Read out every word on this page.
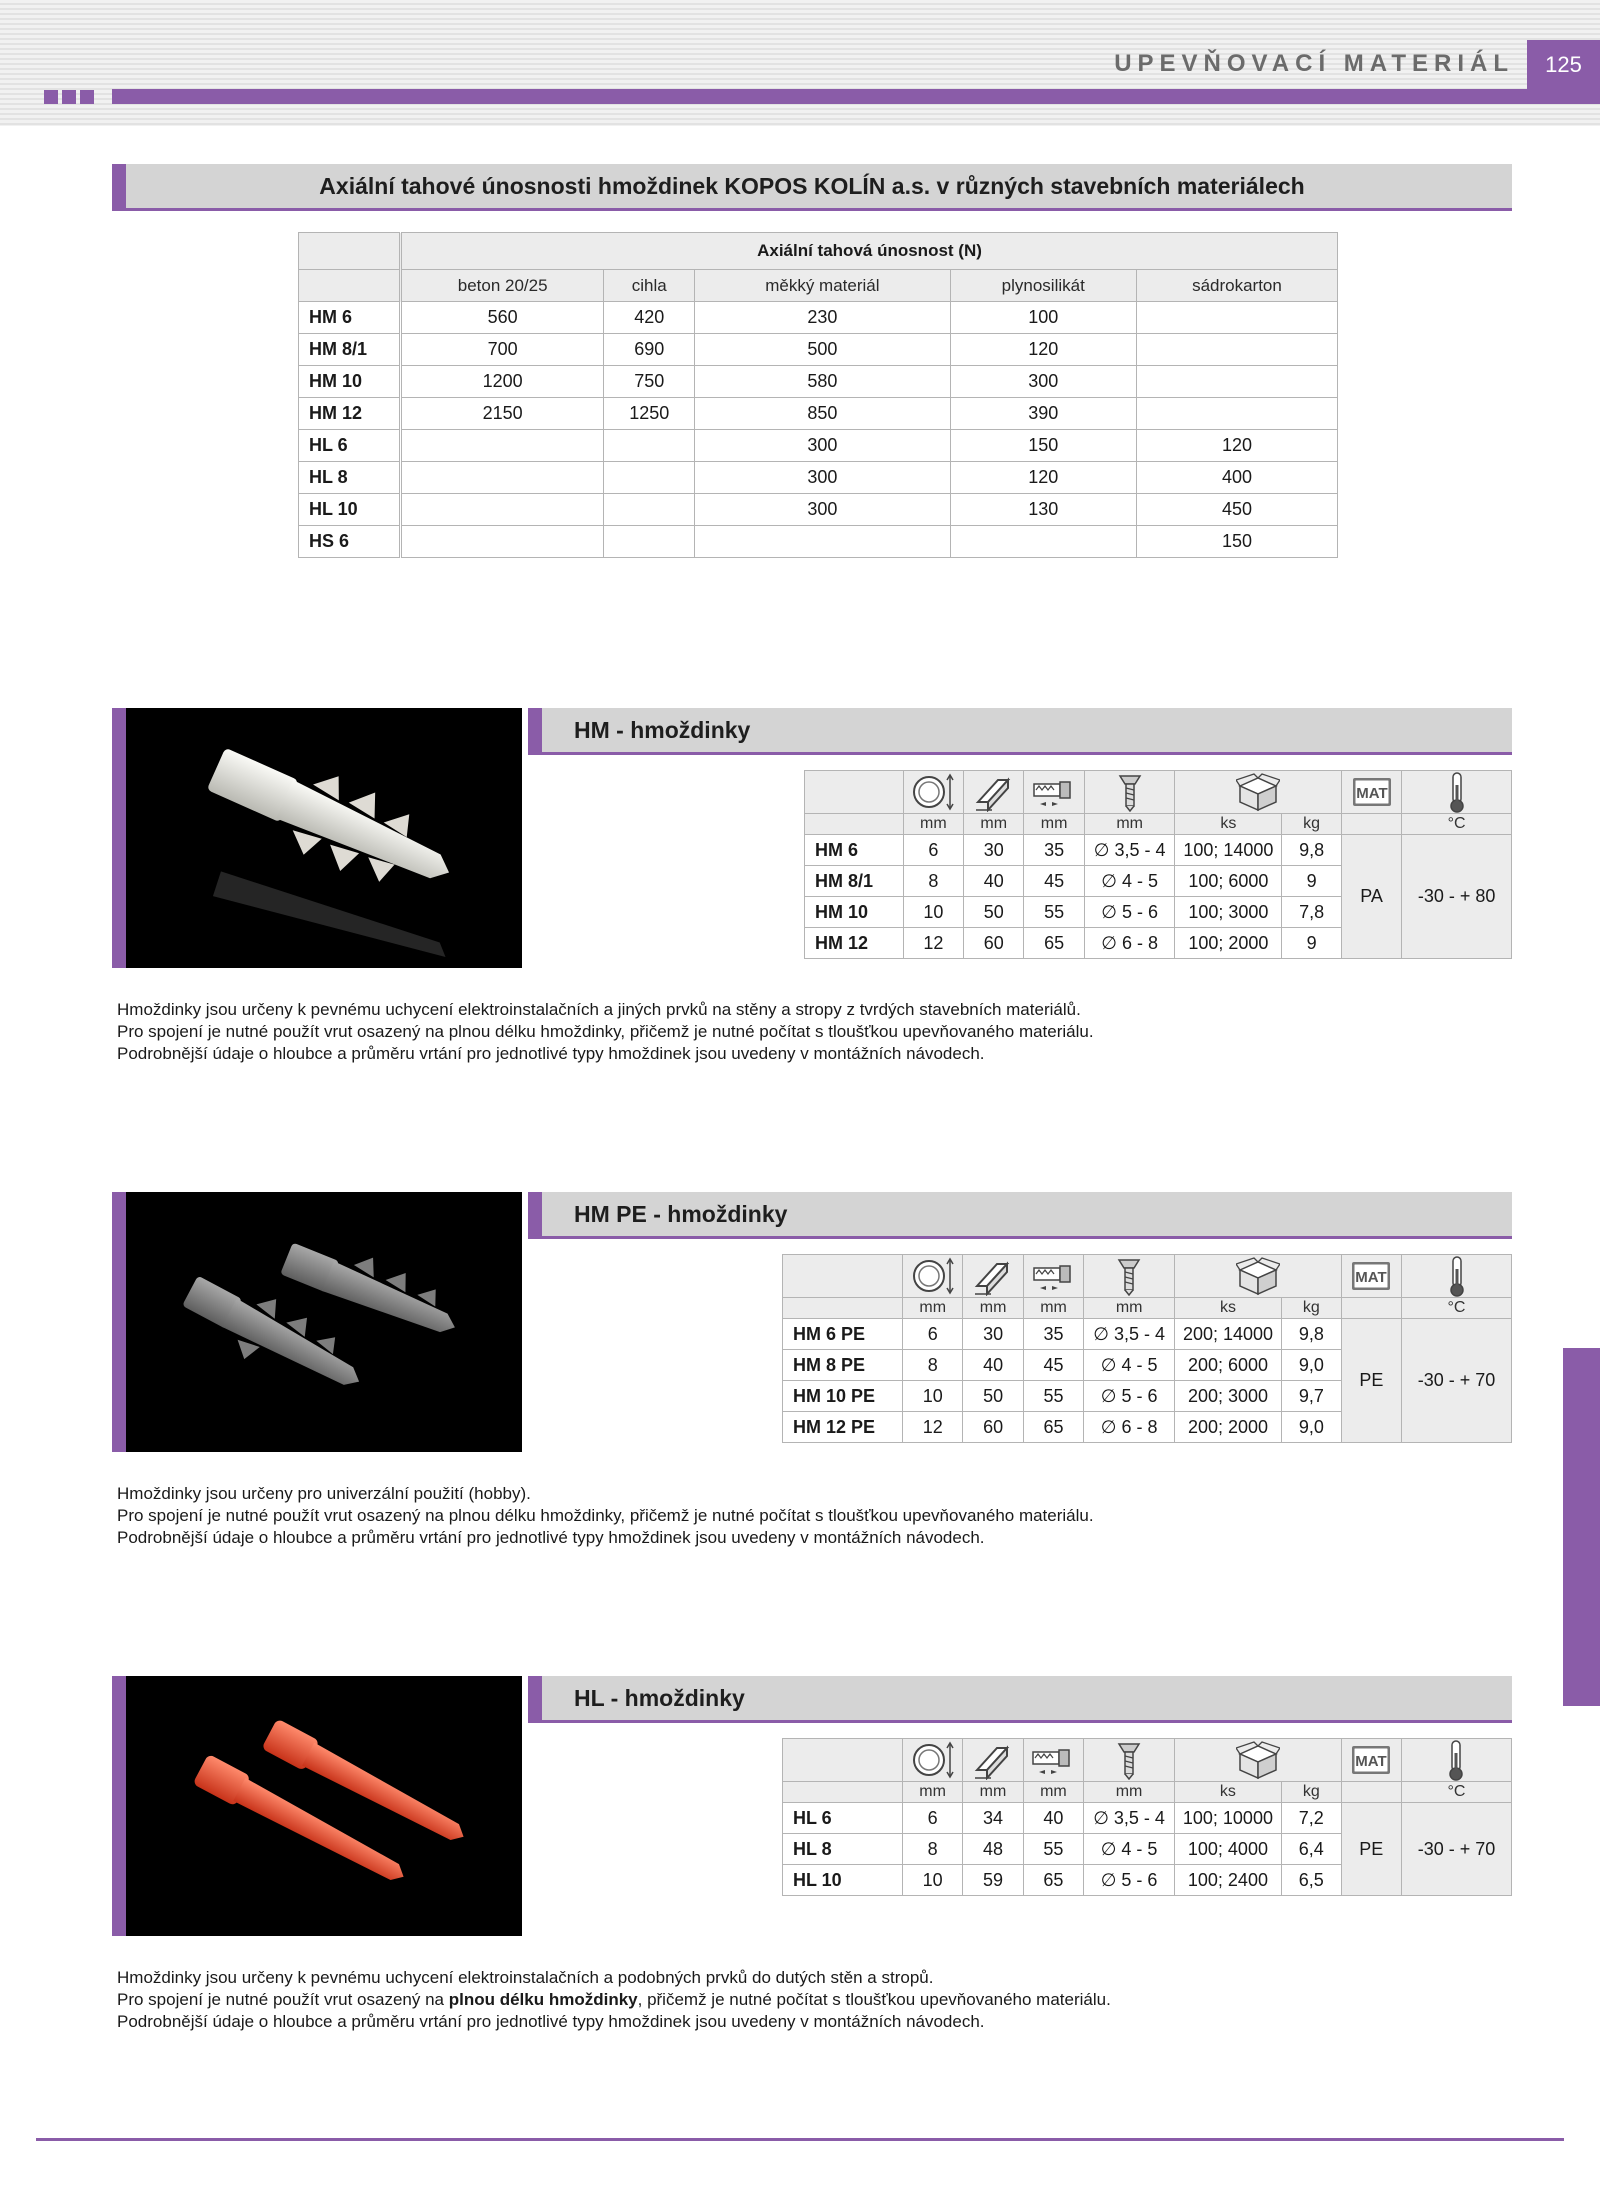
UPEVŇOVACÍ MATERIÁL	125
Axiální tahové únosnosti hmoždinek KOPOS KOLÍN a.s. v různých stavebních materiálech
	Axiální tahová únosnost (N)				
	beton 20/25	cihla	měkký materiál	plynosilikát	sádrokarton
HM 6	560	420	230	100	
HM 8/1	700	690	500	120	
HM 10	1200	750	580	300	
HM 12	2150	1250	850	390	
HL 6			300	150	120
HL 8			300	120	400
HL 10			300	130	450
HS 6					150
HM - hmoždinky

MAT

	mm	mm	mm	mm	ks	kg		°C
HM 6	6	30	35	∅ 3,5 - 4	100; 14000	9,8	PA	-30 - + 80
HM 8/1	8	40	45	∅ 4 - 5	100; 6000	9		
HM 10	10	50	55	∅ 5 - 6	100; 3000	7,8		
HM 12	12	60	65	∅ 6 - 8	100; 2000	9		
Hmoždinky jsou určeny k pevnému uchycení elektroinstalačních a jiných prvků na stěny a stropy z tvrdých stavebních materiálů.
Pro spojení je nutné použít vrut osazený na plnou délku hmoždinky, přičemž je nutné počítat s tloušťkou upevňovaného materiálu.
Podrobnější údaje o hloubce a průměru vrtání pro jednotlivé typy hmoždinek jsou uvedeny v montážních návodech.
HM PE - hmoždinky

MAT

	mm	mm	mm	mm	ks	kg		°C
HM 6 PE	6	30	35	∅ 3,5 - 4	200; 14000	9,8	PE	-30 - + 70
HM 8 PE	8	40	45	∅ 4 - 5	200; 6000	9,0		
HM 10 PE	10	50	55	∅ 5 - 6	200; 3000	9,7		
HM 12 PE	12	60	65	∅ 6 - 8	200; 2000	9,0		
Hmoždinky jsou určeny pro univerzální použití (hobby).
Pro spojení je nutné použít vrut osazený na plnou délku hmoždinky, přičemž je nutné počítat s tloušťkou upevňovaného materiálu.
Podrobnější údaje o hloubce a průměru vrtání pro jednotlivé typy hmoždinek jsou uvedeny v montážních návodech.
HL - hmoždinky

MAT

	mm	mm	mm	mm	ks	kg		°C
HL 6	6	34	40	∅ 3,5 - 4	100; 10000	7,2	PE	-30 - + 70
HL 8	8	48	55	∅ 4 - 5	100; 4000	6,4		
HL 10	10	59	65	∅ 5 - 6	100; 2400	6,5		
Hmoždinky jsou určeny k pevnému uchycení elektroinstalačních a podobných prvků do dutých stěn a stropů.
Pro spojení je nutné použít vrut osazený na plnou délku hmoždinky, přičemž je nutné počítat s tloušťkou upevňovaného materiálu.
Podrobnější údaje o hloubce a průměru vrtání pro jednotlivé typy hmoždinek jsou uvedeny v montážních návodech.
